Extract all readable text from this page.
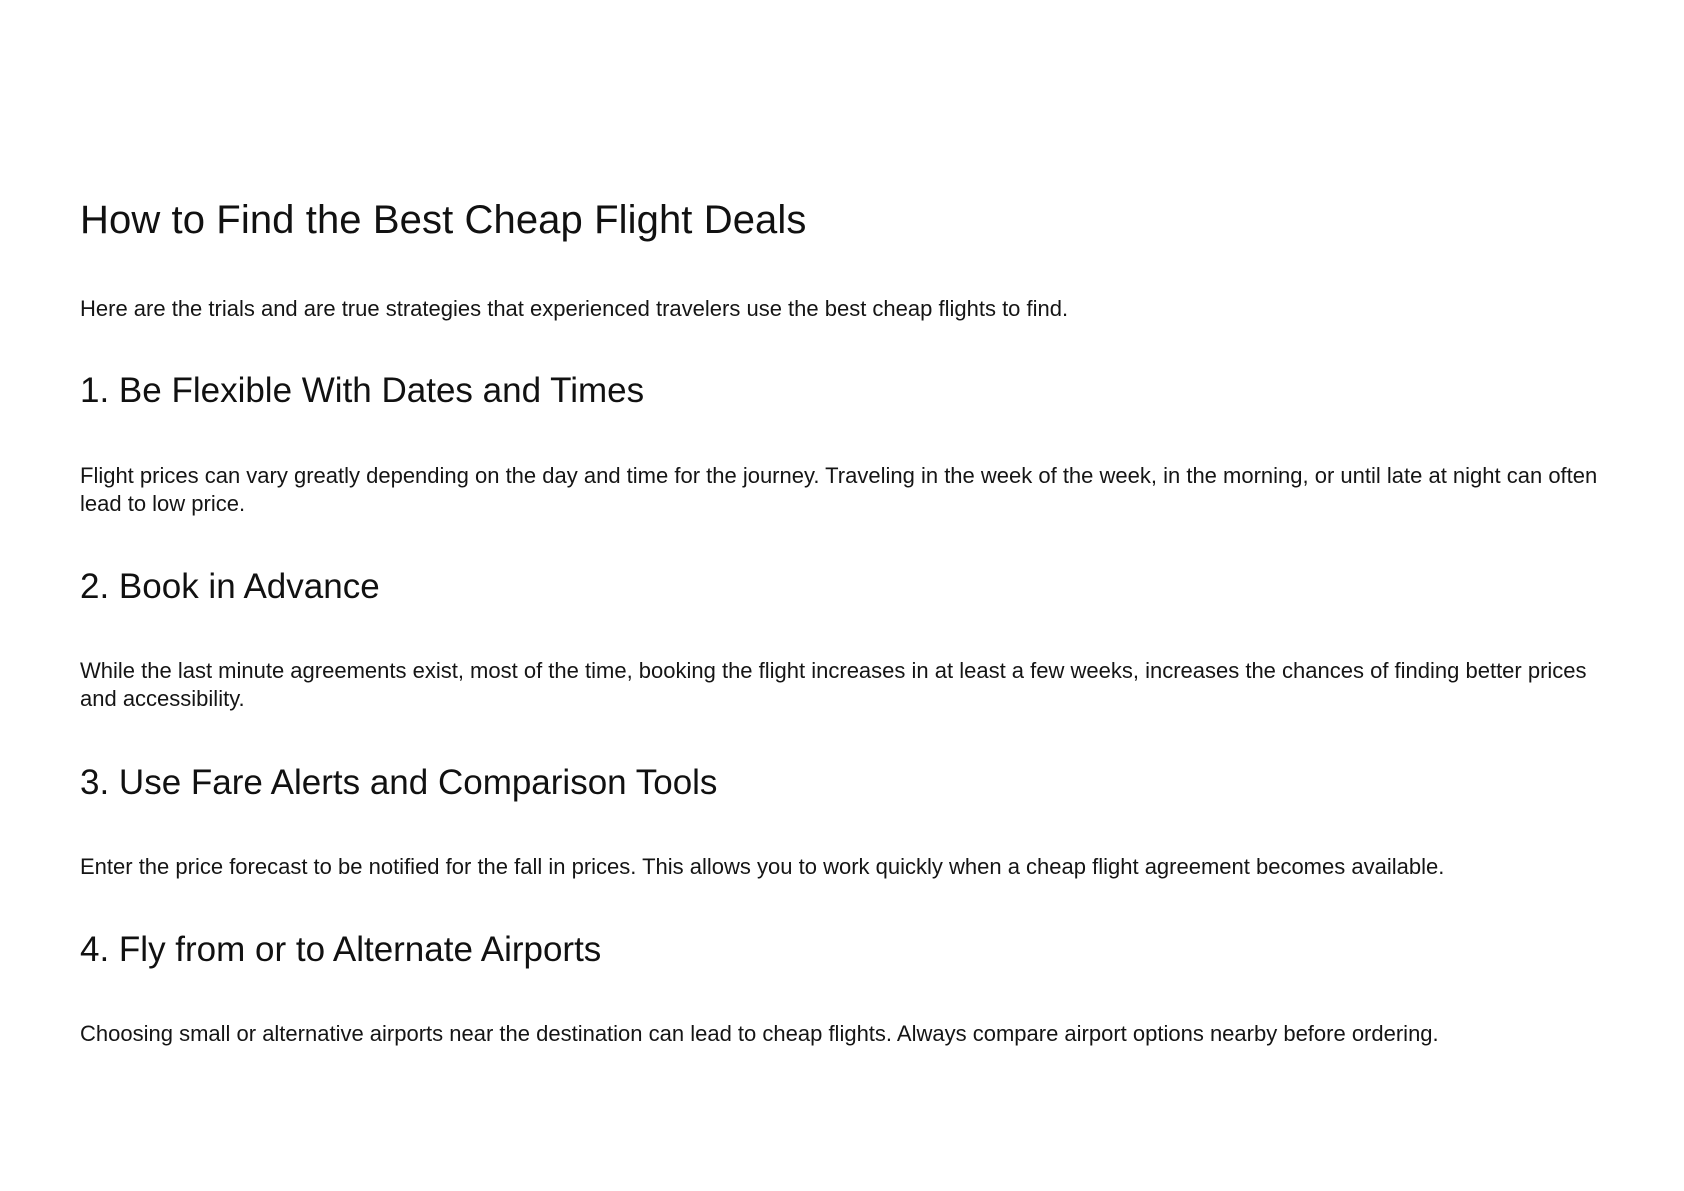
How to Find the Best Cheap Flight Deals

Here are the trials and are true strategies that experienced travelers use the best cheap flights to find.

1. Be Flexible With Dates and Times

Flight prices can vary greatly depending on the day and time for the journey. Traveling in the week of the week, in the morning, or until late at night can often lead to low price.

2. Book in Advance

While the last minute agreements exist, most of the time, booking the flight increases in at least a few weeks, increases the chances of finding better prices and accessibility.

3. Use Fare Alerts and Comparison Tools

Enter the price forecast to be notified for the fall in prices. This allows you to work quickly when a cheap flight agreement becomes available.

4. Fly from or to Alternate Airports

Choosing small or alternative airports near the destination can lead to cheap flights. Always compare airport options nearby before ordering.
